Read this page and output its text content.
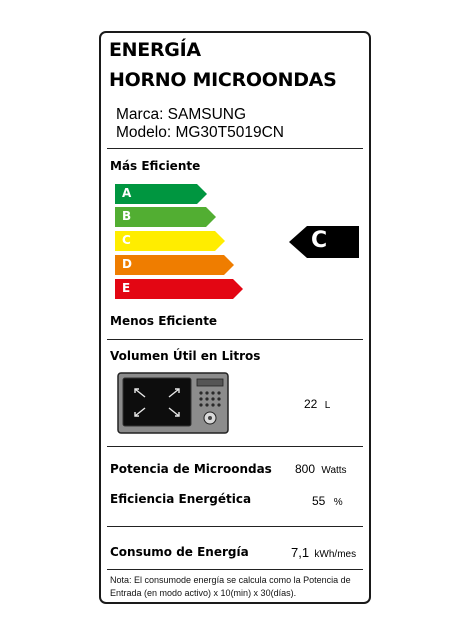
ENERGÍA
HORNO MICROONDAS
Marca: SAMSUNG
Modelo: MG30T5019CN
Más Eficiente
A
B
C
D
E
C
Menos Eficiente
Volumen Útil en Litros
22 L
Potencia de Microondas 800 Watts
Eficiencia Energética	55 %
Consumo de Energía	7,1 kWh/mes
Nota: El consumode energía se calcula como la Potencia de Entrada (en modo activo) x 10(min) x 30(días).
